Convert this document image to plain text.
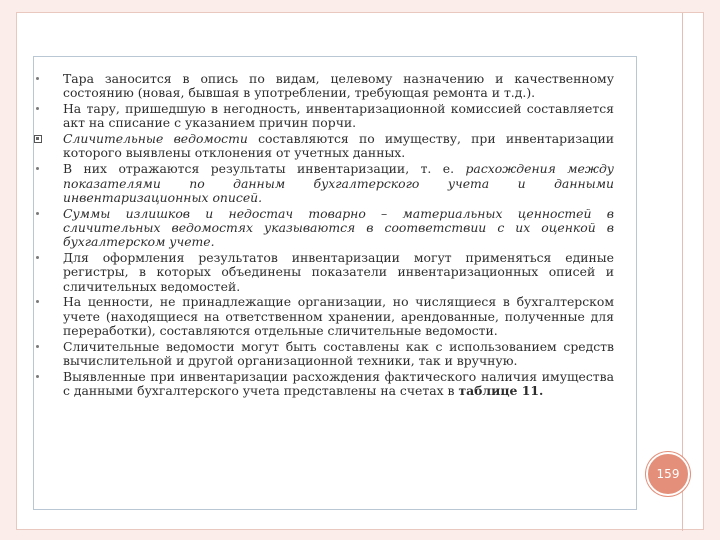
Тара заносится в опись по видам, целевому назначению и качественному состоянию (новая, бывшая в употреблении, требующая ремонта и т.д.).
На тару, пришедшую в негодность, инвентаризационной комиссией составляется акт на списание с указанием причин порчи.
Сличительные ведомости составляются по имуществу, при инвентаризации которого выявлены отклонения от учетных данных.
В них отражаются результаты инвентаризации, т. е. расхождения между показателями по данным бухгалтерского учета и данными инвентаризационных описей.
Суммы излишков и недостач товарно – материальных ценностей в сличительных ведомостях указываются в соответствии с их оценкой в бухгалтерском учете.
Для оформления результатов инвентаризации могут применяться единые регистры, в которых объединены показатели инвентаризационных описей и сличительных ведомостей.
На ценности, не принадлежащие организации, но числящиеся в бухгалтерском учете (находящиеся на ответственном хранении, арендованные, полученные для переработки), составляются отдельные сличительные ведомости.
Сличительные ведомости могут быть составлены как с использованием средств вычислительной и другой организационной техники, так и вручную.
Выявленные при инвентаризации расхождения фактического наличия имущества с данными бухгалтерского учета представлены на счетах в таблице 11.
159
